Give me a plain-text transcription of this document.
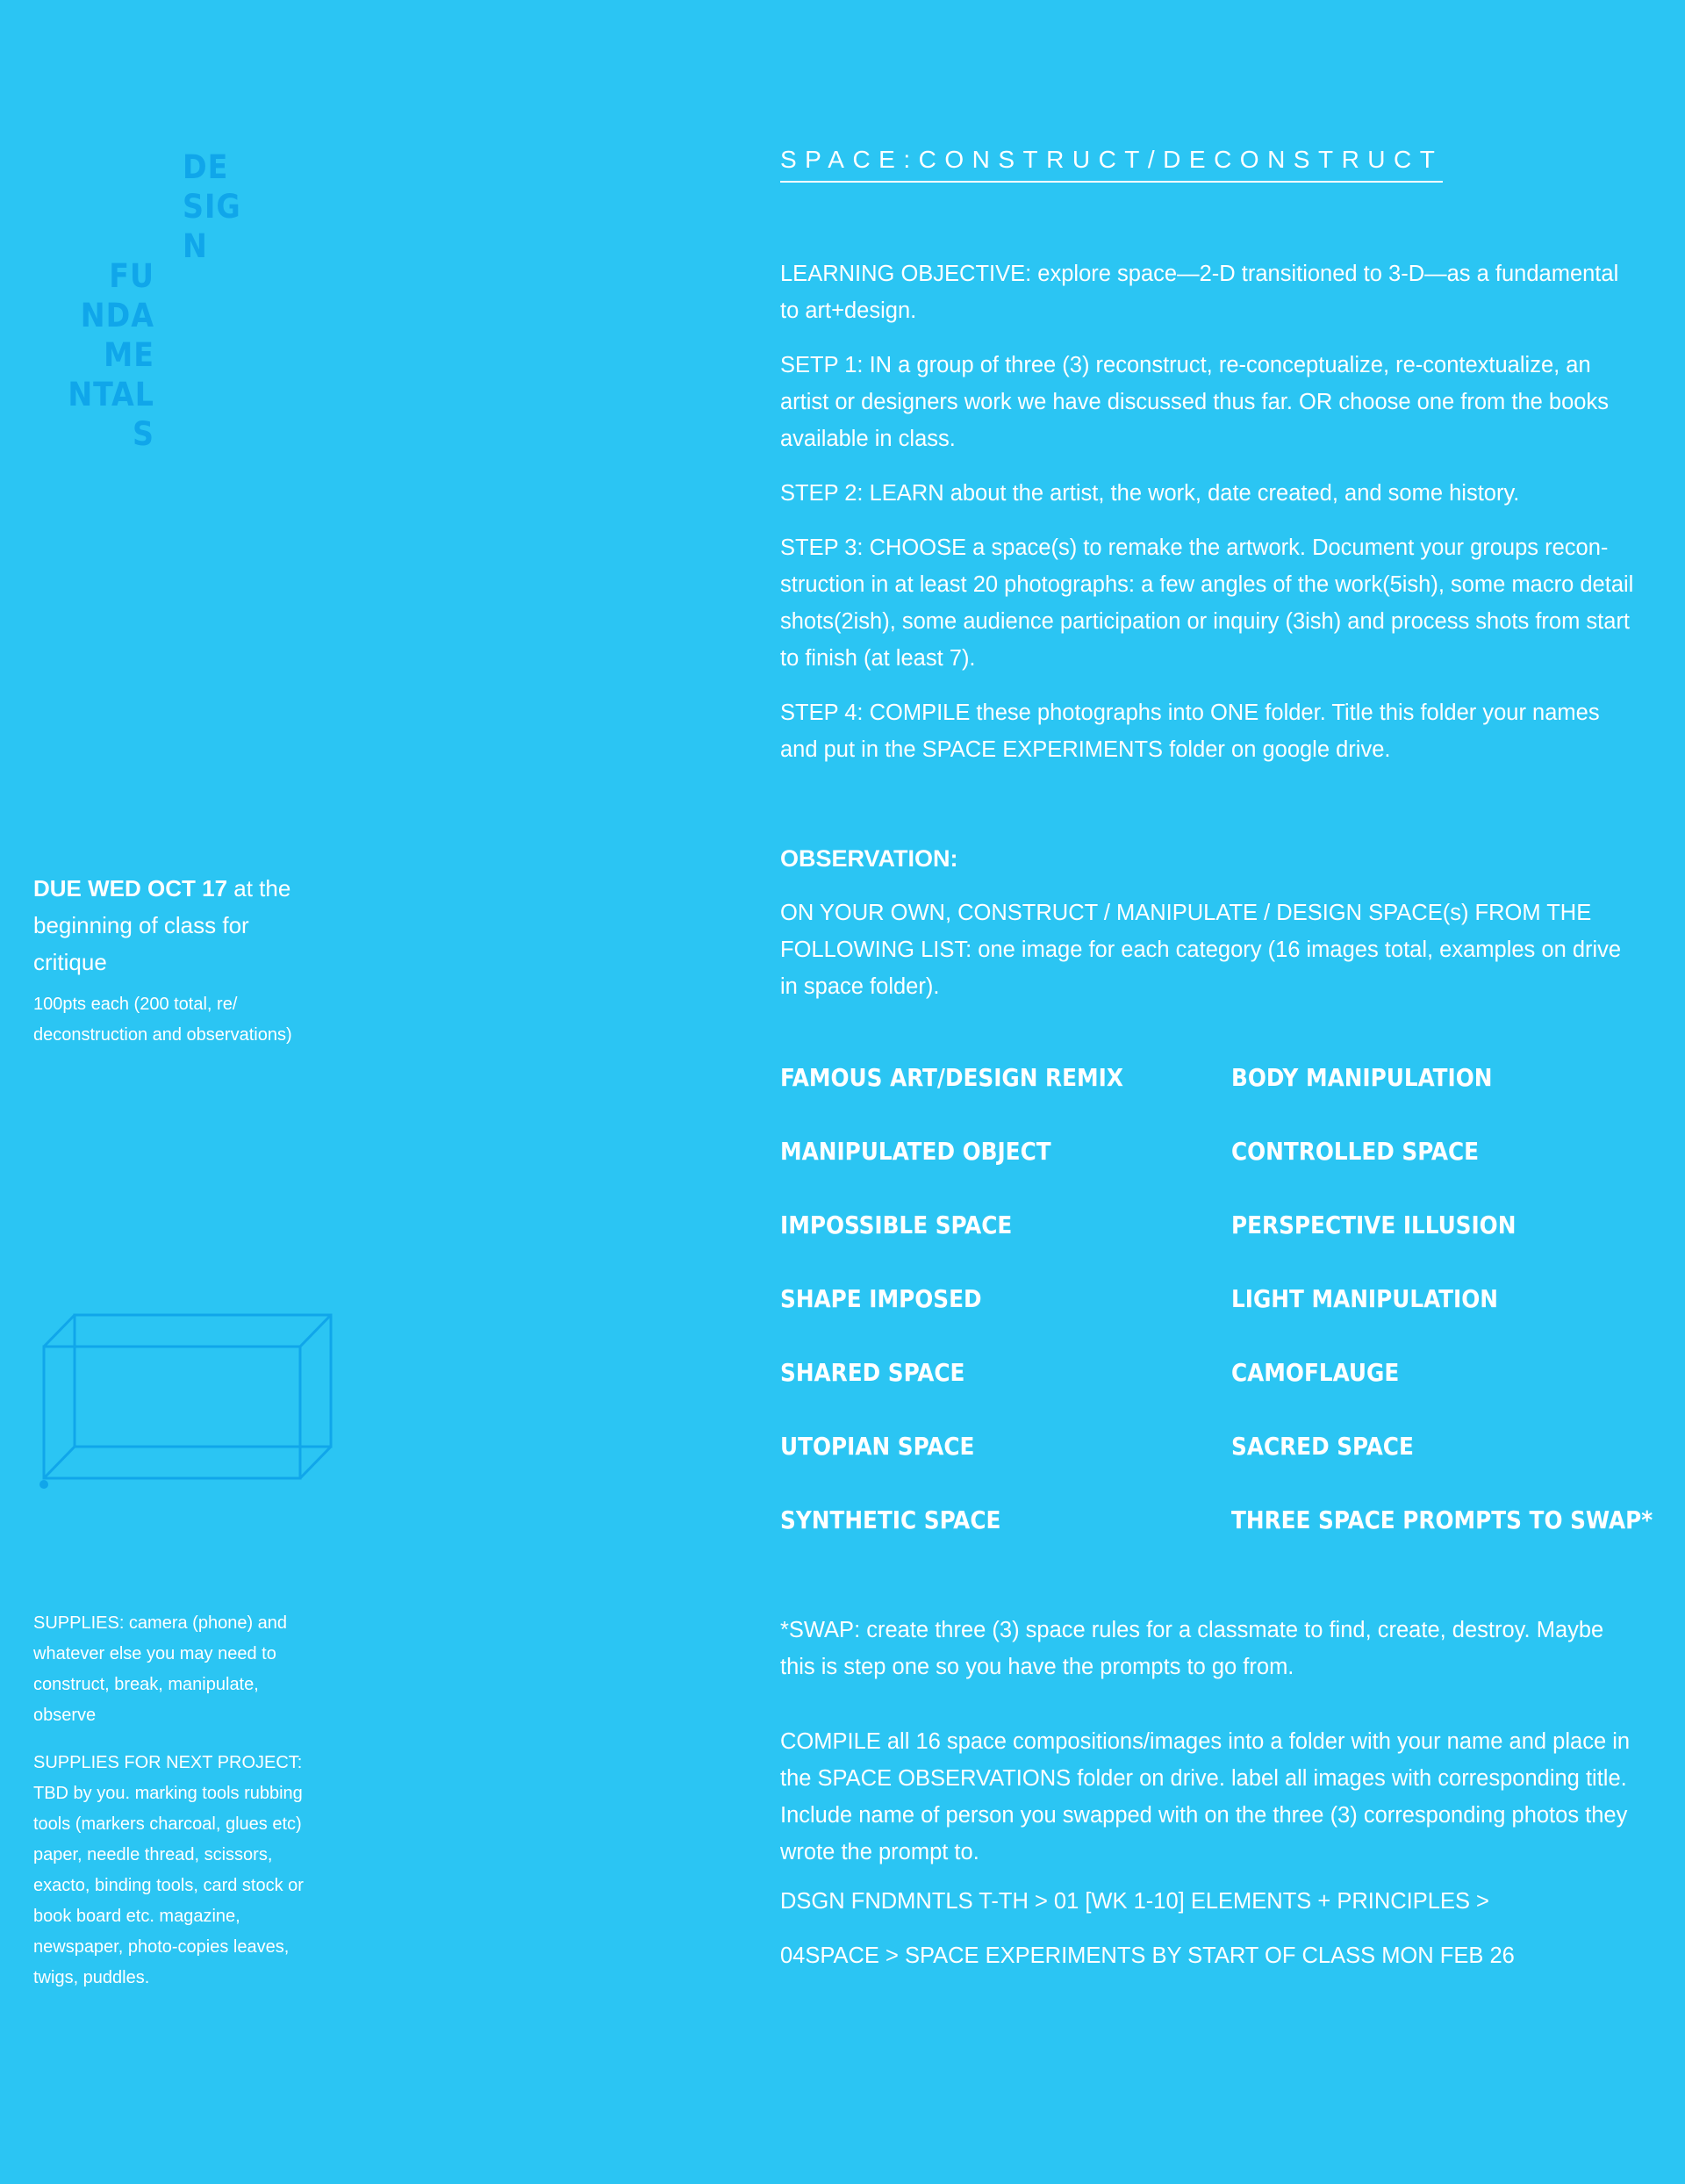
DE
SIG
N
FU
NDA
ME
NTAL
S
DUE WED OCT 17 at the beginning of class for critique
100pts each (200 total, re/ deconstruction and observations)
SUPPLIES: camera (phone) and whatever else you may need to construct, break, manipulate, observe
SUPPLIES FOR NEXT PROJECT: TBD by you. marking tools rubbing tools (markers charcoal, glues etc) paper, needle thread, scissors, exacto, binding tools, card stock or book board etc. magazine, newspaper, photo-copies leaves, twigs, puddles.
SPACE:CONSTRUCT/DECONSTRUCT

LEARNING OBJECTIVE: explore space—2-D transitioned to 3-D—as a fundamental to art+design.

SETP 1: IN a group of three (3) reconstruct, re-conceptualize, re-contextualize, an artist or designers work we have discussed thus far. OR choose one from the books available in class.

STEP 2: LEARN about the artist, the work, date created, and some history.

STEP 3: CHOOSE a space(s) to remake the artwork. Document your groups recon-struction in at least 20 photographs: a few angles of the work(5ish), some macro detail shots(2ish), some audience participation or inquiry (3ish) and process shots from start to finish (at least 7).

STEP 4: COMPILE these photographs into ONE folder. Title this folder your names and put in the SPACE EXPERIMENTS folder on google drive.

OBSERVATION:

ON YOUR OWN, CONSTRUCT / MANIPULATE / DESIGN SPACE(s) FROM THE FOLLOWING LIST: one image for each category (16 images total, examples on drive in space folder).

FAMOUS ART/DESIGN REMIX	BODY MANIPULATION
MANIPULATED OBJECT	CONTROLLED SPACE
IMPOSSIBLE SPACE	PERSPECTIVE ILLUSION
SHAPE IMPOSED	LIGHT MANIPULATION
SHARED SPACE	CAMOFLAUGE
UTOPIAN SPACE	SACRED SPACE
SYNTHETIC SPACE	THREE SPACE PROMPTS TO SWAP*

*SWAP: create three (3) space rules for a classmate to find, create, destroy. Maybe this is step one so you have the prompts to go from.

COMPILE all 16 space compositions/images into a folder with your name and place in the SPACE OBSERVATIONS folder on drive. label all images with corresponding title. Include name of person you swapped with on the three (3) corresponding photos they wrote the prompt to.

DSGN FNDMNTLS T-TH > 01 [WK 1-10] ELEMENTS + PRINCIPLES >

04SPACE > SPACE EXPERIMENTS BY START OF CLASS MON FEB 26
